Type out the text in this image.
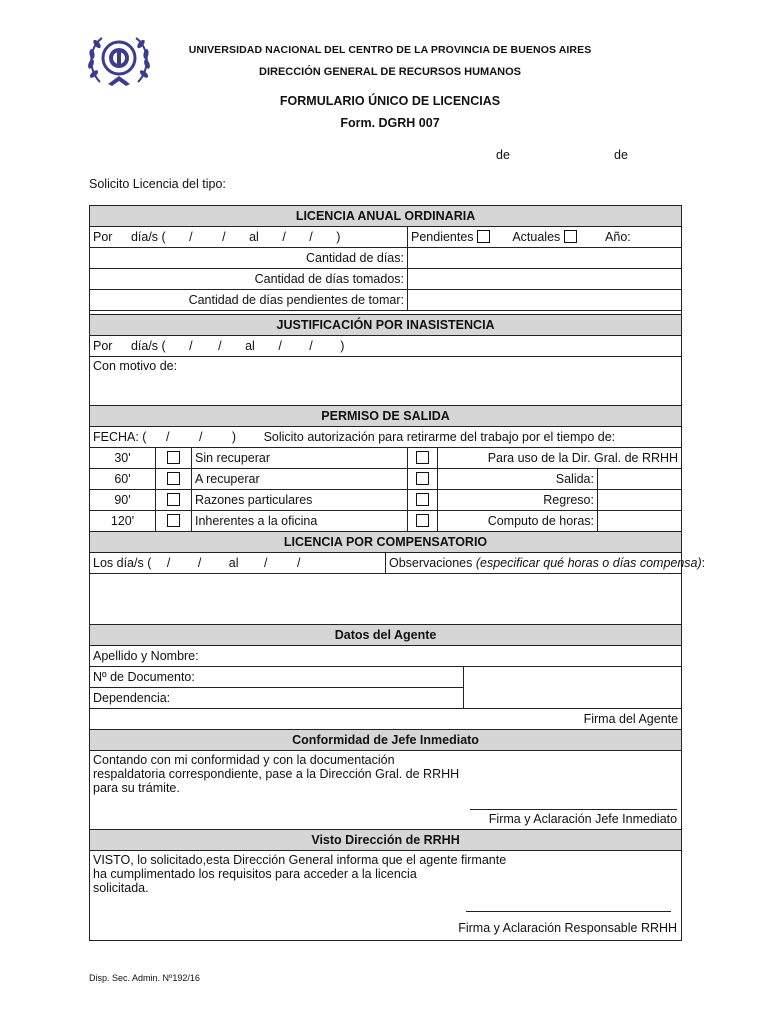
UNIVERSIDAD NACIONAL DEL CENTRO DE LA PROVINCIA DE BUENOS AIRES
DIRECCIÓN GENERAL DE RECURSOS HUMANOS
FORMULARIO ÚNICO DE LICENCIAS
Form. DGRH 007
de	de
Solicito Licencia del tipo:
LICENCIA ANUAL ORDINARIA							
Por día/s ( / / al / / )				Pendientes Actuales Año:			
Cantidad de días:							
Cantidad de días tomados:							
Cantidad de días pendientes de tomar:							

JUSTIFICACIÓN POR INASISTENCIA							
Por día/s ( / / al / / )							
Con motivo de:							
PERMISO DE SALIDA							
FECHA: ( / / ) Solicito autorización para retirarme del trabajo por el tiempo de:							
30'		Sin recuperar			Para uso de la Dir. Gral. de RRHH		
60'		A recuperar			Salida:		
90'		Razones particulares			Regreso:		
120'		Inherentes a la oficina			Computo de horas:		
LICENCIA POR COMPENSATORIO							
Los día/s ( / / al / /			Observaciones (especificar qué horas o días compensa):				

Datos del Agente							
Apellido y Nombre:							
Nº de Documento:							
Dependencia:							
Firma del Agente							
Conformidad de Jefe Inmediato							

Contando con mi conformidad y con la documentación
respaldatoria correspondiente, pase a la Dirección Gral. de RRHH
para su trámite.
Firma y Aclaración Jefe Inmediato							

Visto Dirección de RRHH							

VISTO, lo solicitado,esta Dirección General informa que el agente firmante
ha cumplimentado los requisitos para acceder a la licencia
solicitada.
Firma y Aclaración Responsable RRHH							
Disp. Sec. Admin. Nº192/16
